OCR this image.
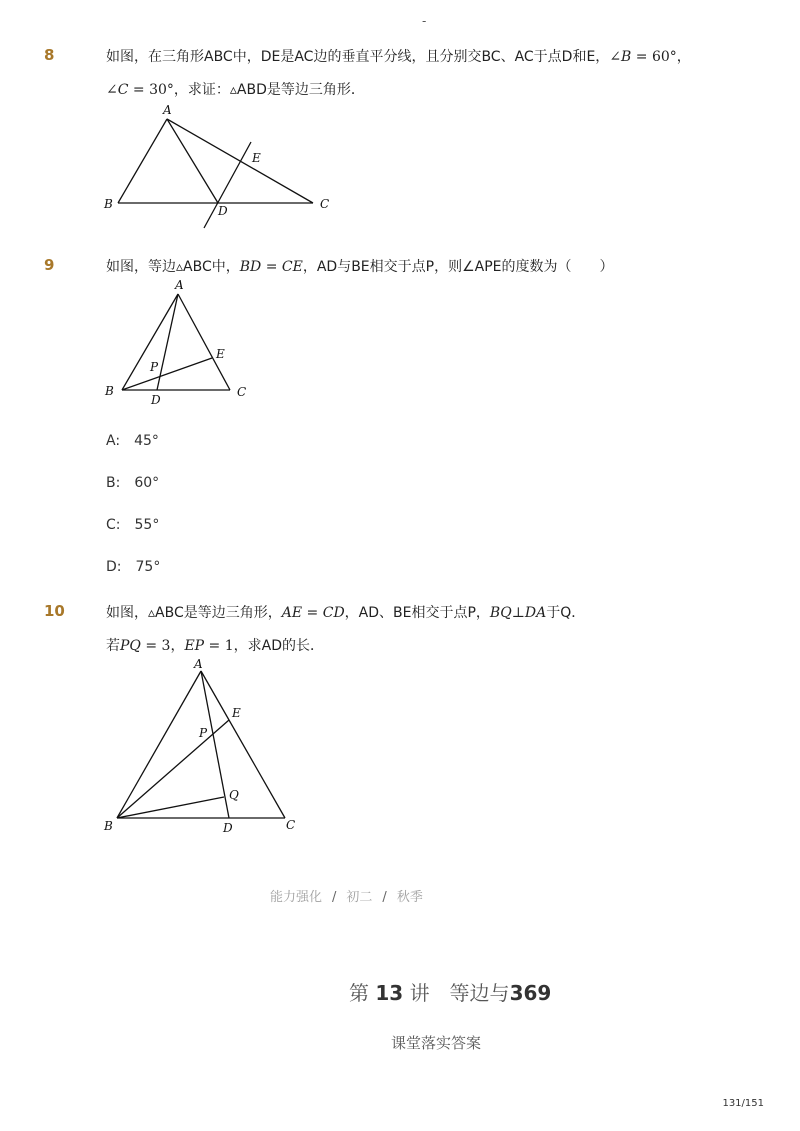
-
8	如图，在三角形ABC中，DE是AC边的垂直平分线，且分别交BC、AC于点D和E，∠B = 60°，
∠C = 30°，求证：▵ABD是等边三角形．
A
B	C
D
E
A
B	C
D
E
P
A
B	C
D
E
P
Q
9	如图，等边▵ABC中，BD = CE，AD与BE相交于点P，则∠APE的度数为（　　）
A: 45°
B: 60°
C: 55°
D: 75°
10	如图，▵ABC是等边三角形，AE = CD，AD、BE相交于点P，BQ⊥DA于Q．
若PQ = 3，EP = 1，求AD的长．
能力强化 / 初二 / 秋季
第 13 讲　等边与369
课堂落实答案
131/151
